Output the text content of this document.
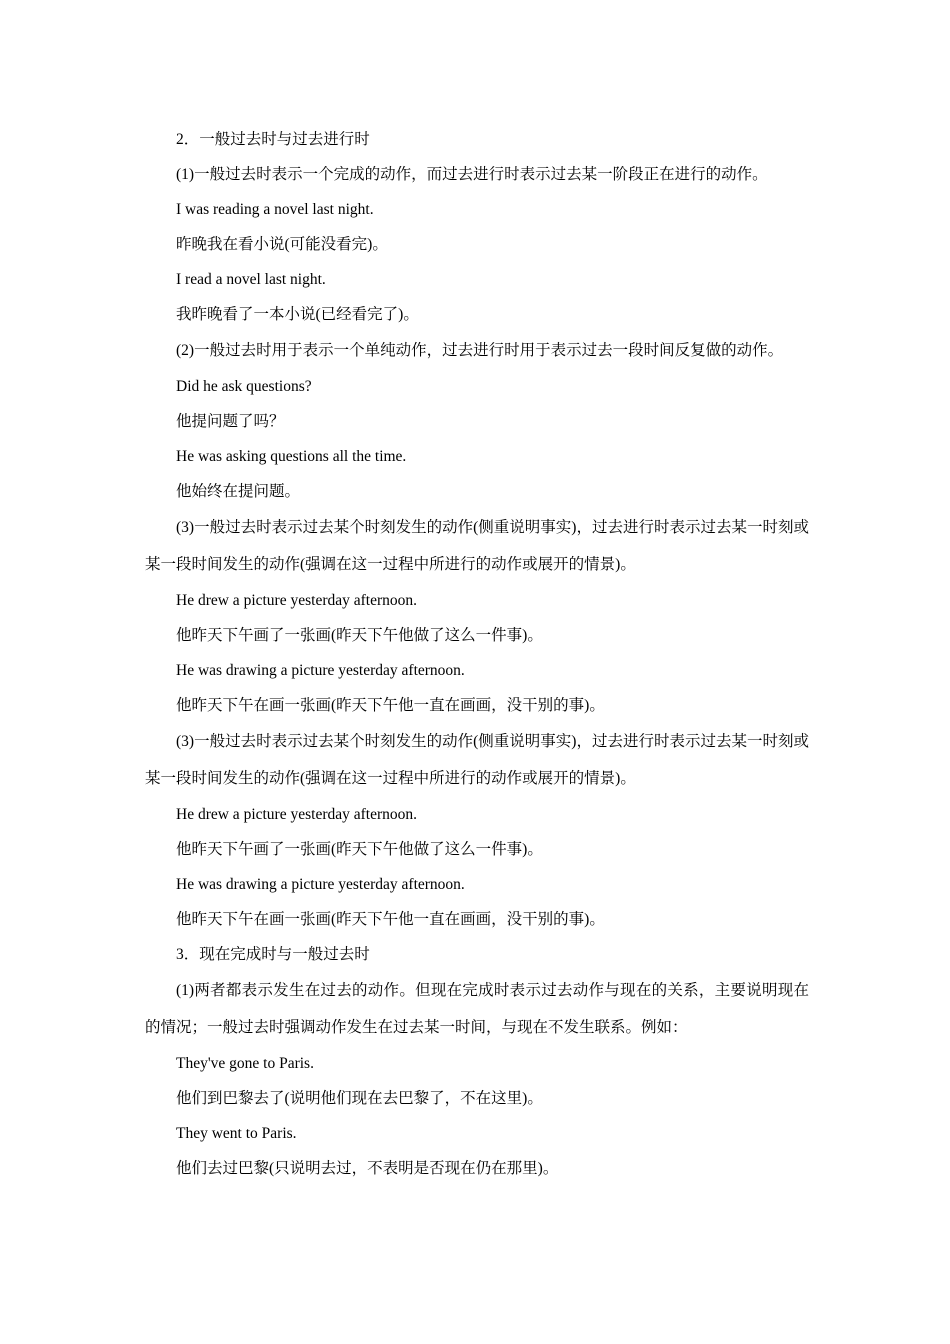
2．一般过去时与过去进行时

(1)一般过去时表示一个完成的动作，而过去进行时表示过去某一阶段正在进行的动作。

I was reading a novel last night.

昨晚我在看小说(可能没看完)。

I read a novel last night.

我昨晚看了一本小说(已经看完了)。

(2)一般过去时用于表示一个单纯动作，过去进行时用于表示过去一段时间反复做的动作。

Did he ask questions?

他提问题了吗？

He was asking questions all the time.

他始终在提问题。

(3)一般过去时表示过去某个时刻发生的动作(侧重说明事实)，过去进行时表示过去某一时刻或某一段时间发生的动作(强调在这一过程中所进行的动作或展开的情景)。

He drew a picture yesterday afternoon.

他昨天下午画了一张画(昨天下午他做了这么一件事)。

He was drawing a picture yesterday afternoon.

他昨天下午在画一张画(昨天下午他一直在画画，没干别的事)。

(3)一般过去时表示过去某个时刻发生的动作(侧重说明事实)，过去进行时表示过去某一时刻或某一段时间发生的动作(强调在这一过程中所进行的动作或展开的情景)。

He drew a picture yesterday afternoon.

他昨天下午画了一张画(昨天下午他做了这么一件事)。

He was drawing a picture yesterday afternoon.

他昨天下午在画一张画(昨天下午他一直在画画，没干别的事)。

3．现在完成时与一般过去时

(1)两者都表示发生在过去的动作。但现在完成时表示过去动作与现在的关系，主要说明现在的情况；一般过去时强调动作发生在过去某一时间，与现在不发生联系。例如：

They've gone to Paris.

他们到巴黎去了(说明他们现在去巴黎了，不在这里)。

They went to Paris.

他们去过巴黎(只说明去过，不表明是否现在仍在那里)。
